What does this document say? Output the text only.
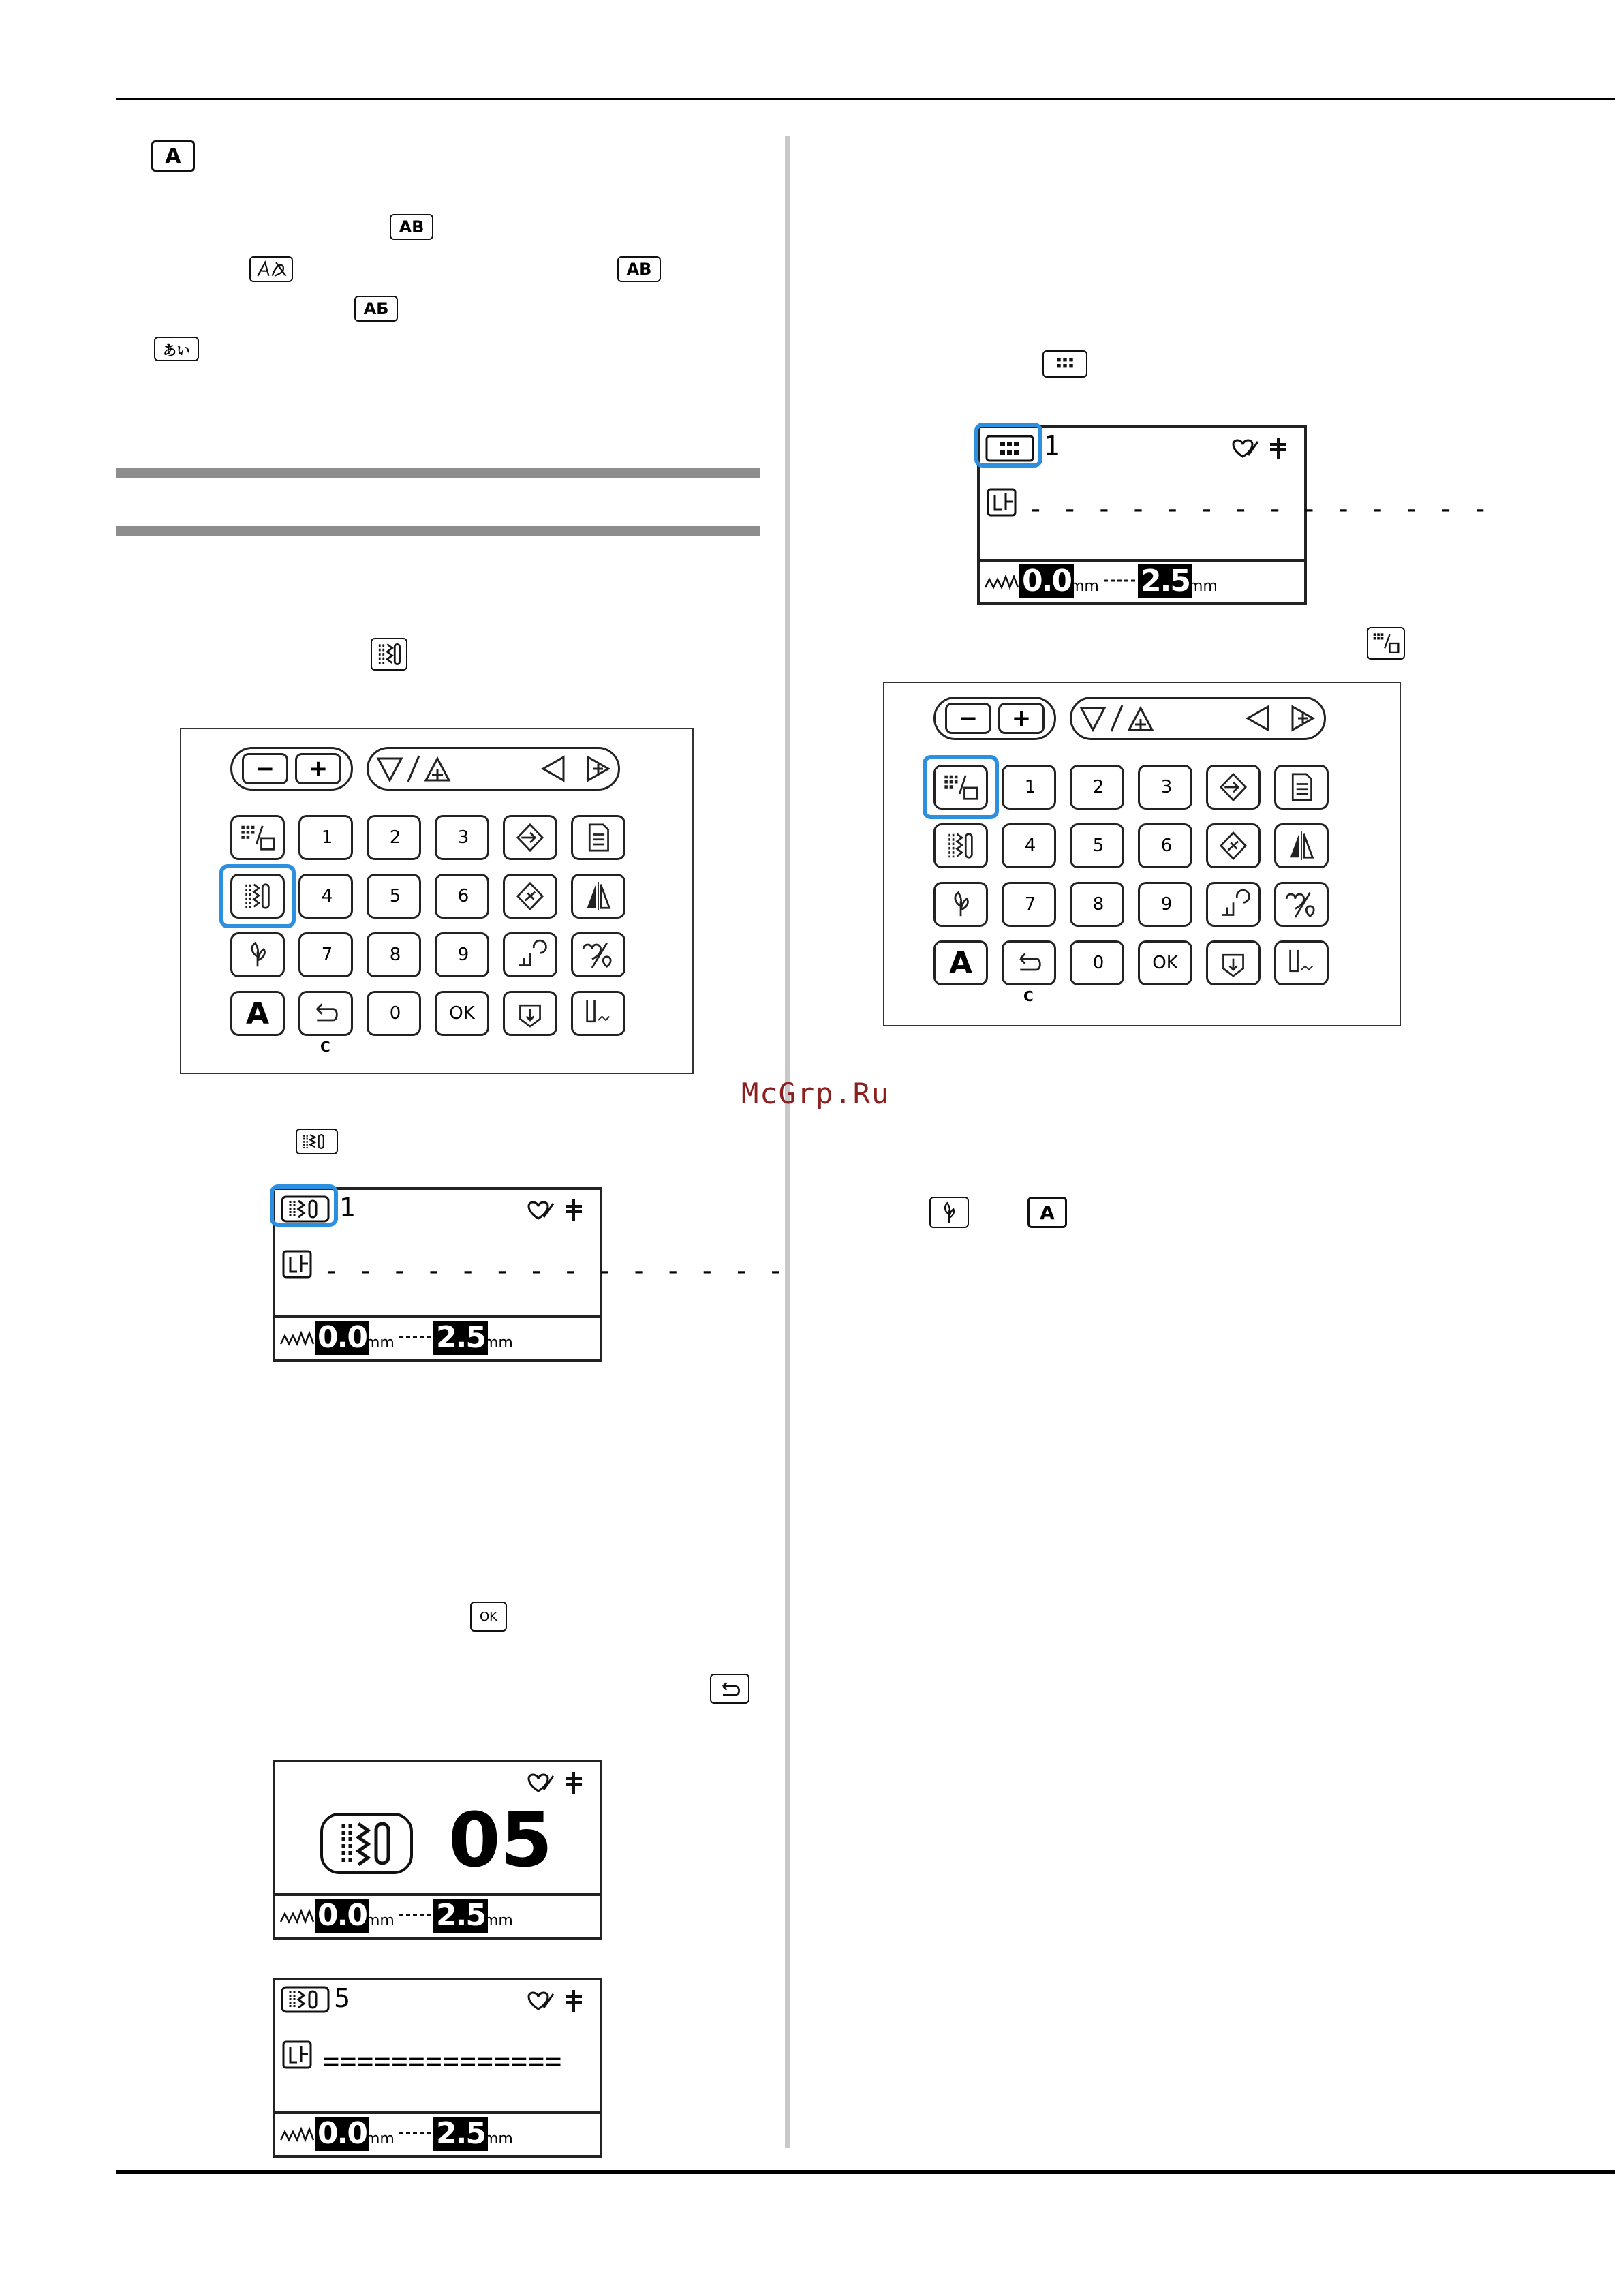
McGrp.Ru
A
AB
AB
АБ
あい
−	+
1	2	3
4	5	6
7	8	9
A
C
0	OK
1
- - - - - - - - - - - - - -
0.0
mm 2.5
mm
OK
05
0.0
mm 2.5
mm
5
==============
0.0
mm 2.5
mm
1
- - - - - - - - - - - - - -
0.0
mm 2.5
mm
−	+
1	2	3
4	5	6
7	8	9
A
C
0	OK
A
